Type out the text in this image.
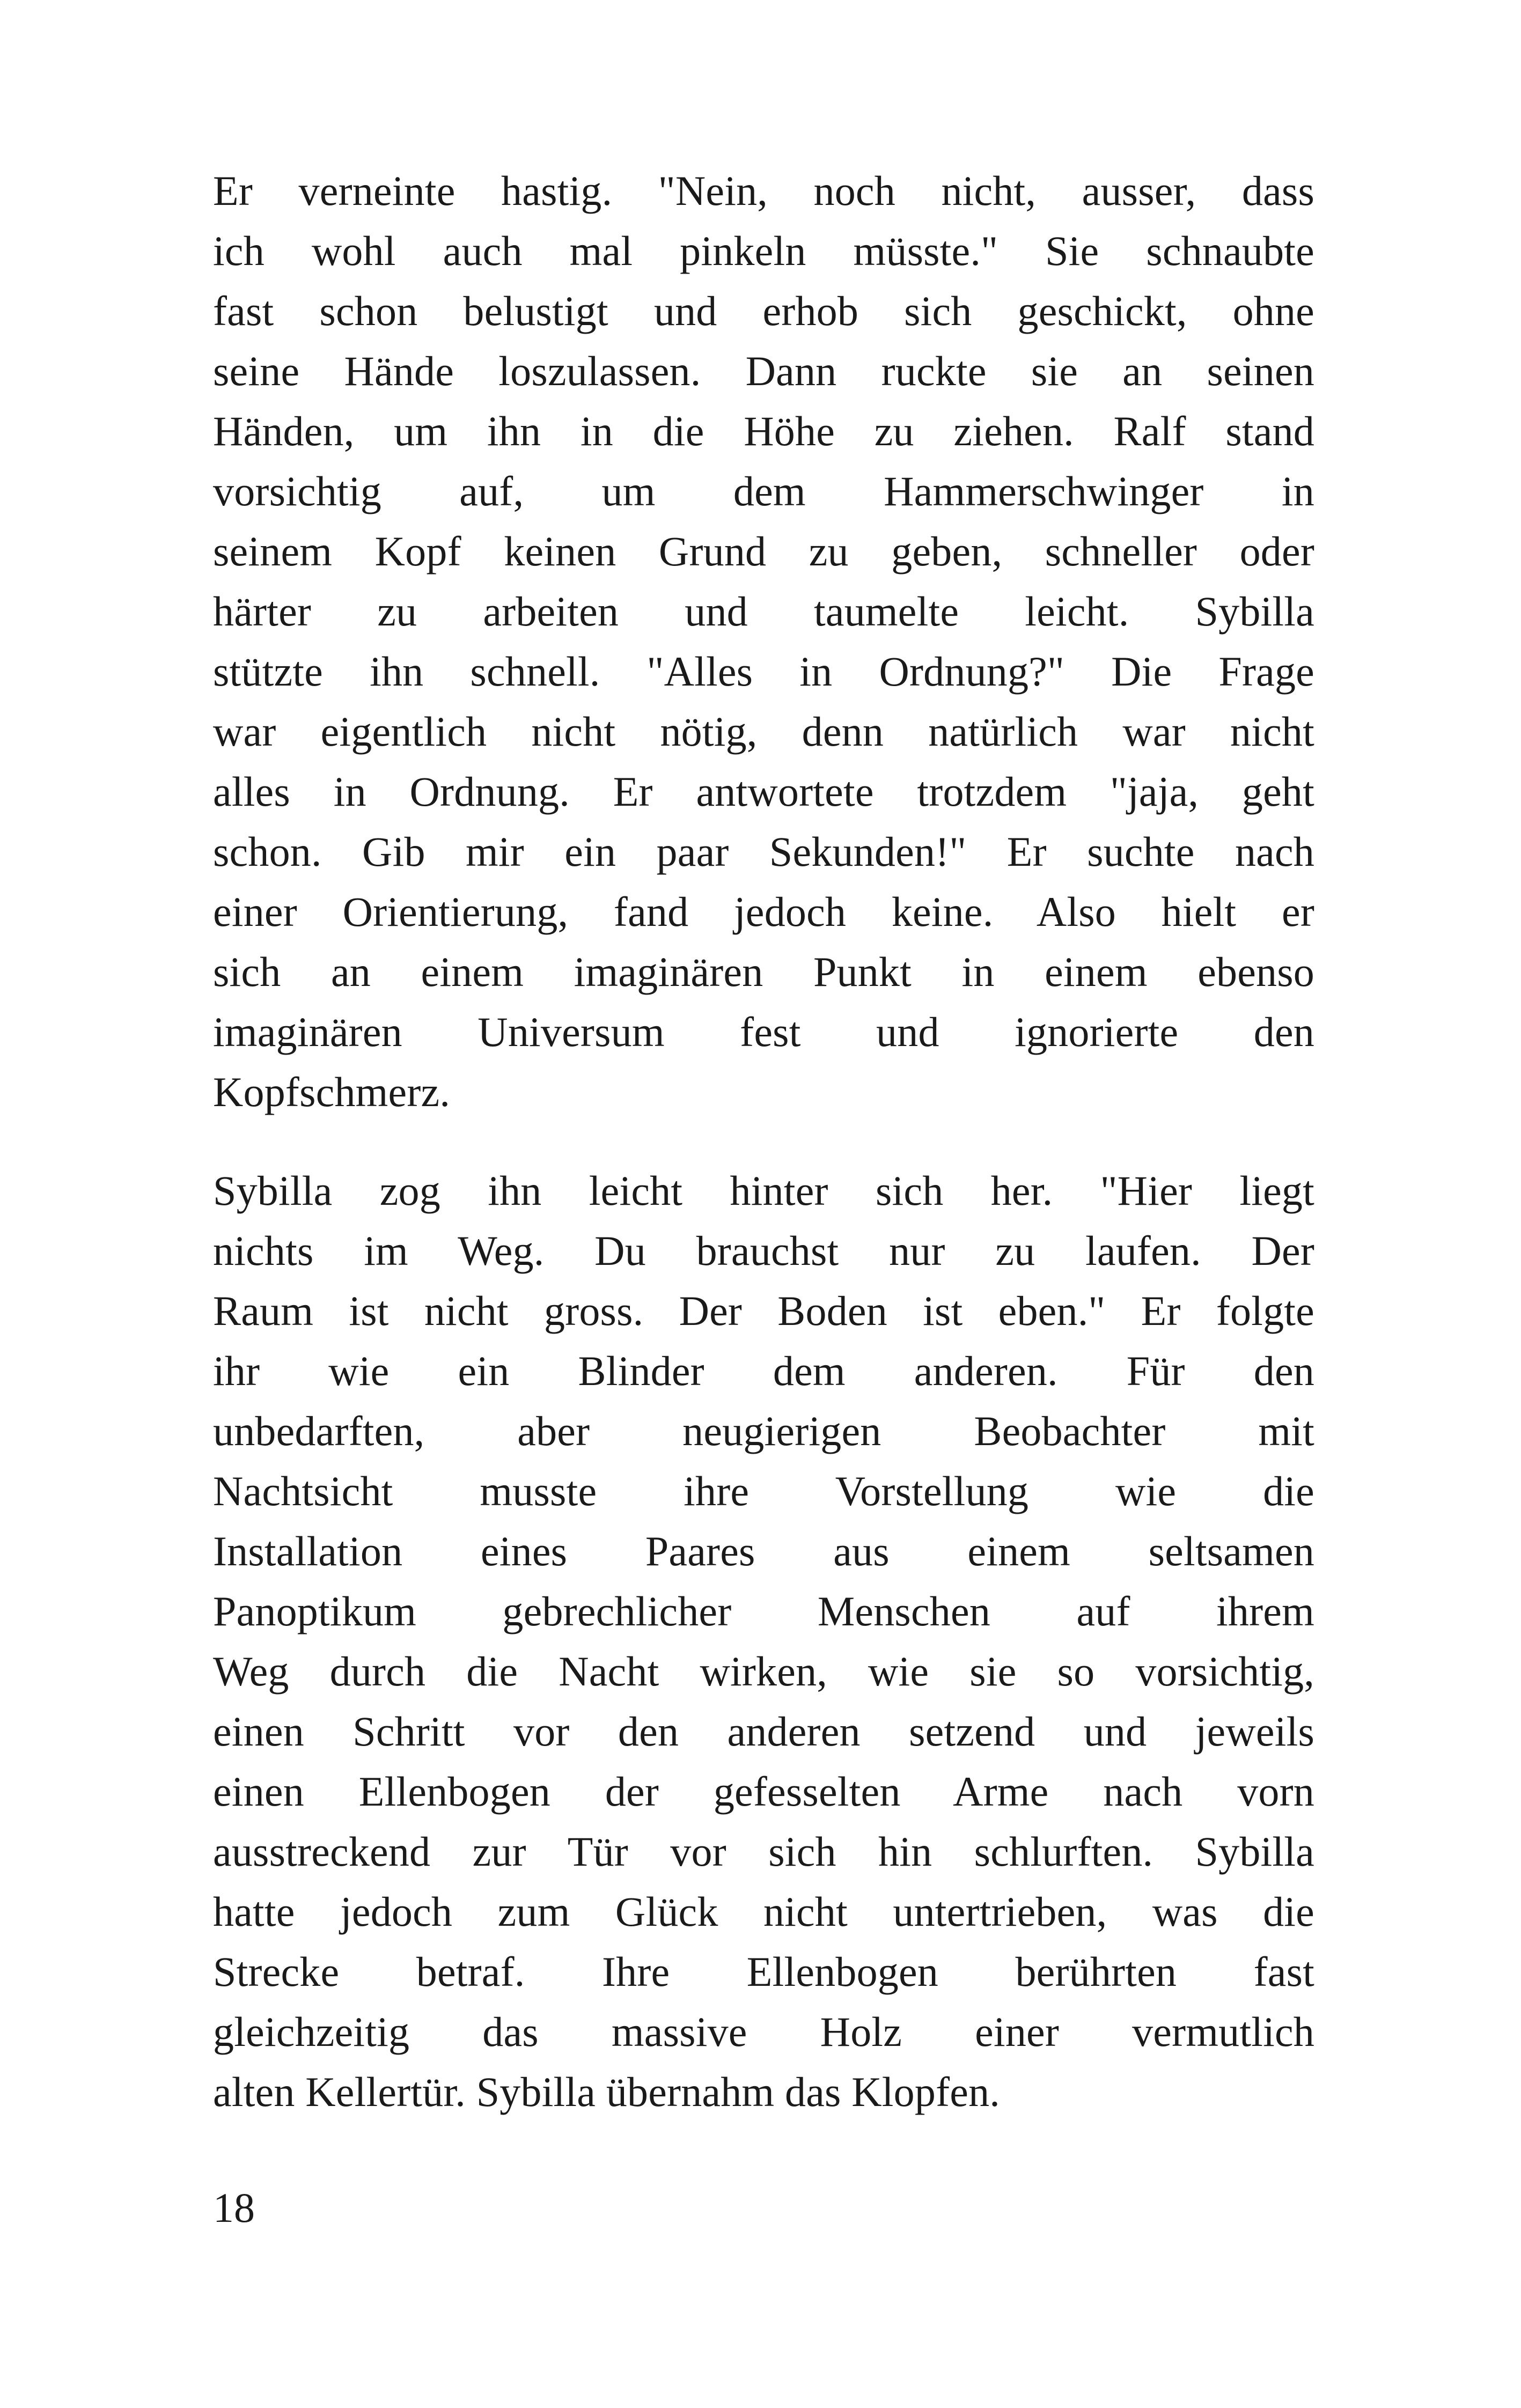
Er verneinte hastig. "Nein, noch nicht, ausser, dass
ich wohl auch mal pinkeln müsste." Sie schnaubte
fast schon belustigt und erhob sich geschickt, ohne
seine Hände loszulassen. Dann ruckte sie an seinen
Händen, um ihn in die Höhe zu ziehen. Ralf stand
vorsichtig auf, um dem Hammerschwinger in
seinem Kopf keinen Grund zu geben, schneller oder
härter zu arbeiten und taumelte leicht. Sybilla
stützte ihn schnell. "Alles in Ordnung?" Die Frage
war eigentlich nicht nötig, denn natürlich war nicht
alles in Ordnung. Er antwortete trotzdem "jaja, geht
schon. Gib mir ein paar Sekunden!" Er suchte nach
einer Orientierung, fand jedoch keine. Also hielt er
sich an einem imaginären Punkt in einem ebenso
imaginären Universum fest und ignorierte den
Kopfschmerz.
Sybilla zog ihn leicht hinter sich her. "Hier liegt
nichts im Weg. Du brauchst nur zu laufen. Der
Raum ist nicht gross. Der Boden ist eben." Er folgte
ihr wie ein Blinder dem anderen. Für den
unbedarften, aber neugierigen Beobachter mit
Nachtsicht musste ihre Vorstellung wie die
Installation eines Paares aus einem seltsamen
Panoptikum gebrechlicher Menschen auf ihrem
Weg durch die Nacht wirken, wie sie so vorsichtig,
einen Schritt vor den anderen setzend und jeweils
einen Ellenbogen der gefesselten Arme nach vorn
ausstreckend zur Tür vor sich hin schlurften. Sybilla
hatte jedoch zum Glück nicht untertrieben, was die
Strecke betraf. Ihre Ellenbogen berührten fast
gleichzeitig das massive Holz einer vermutlich
alten Kellertür. Sybilla übernahm das Klopfen.
18
